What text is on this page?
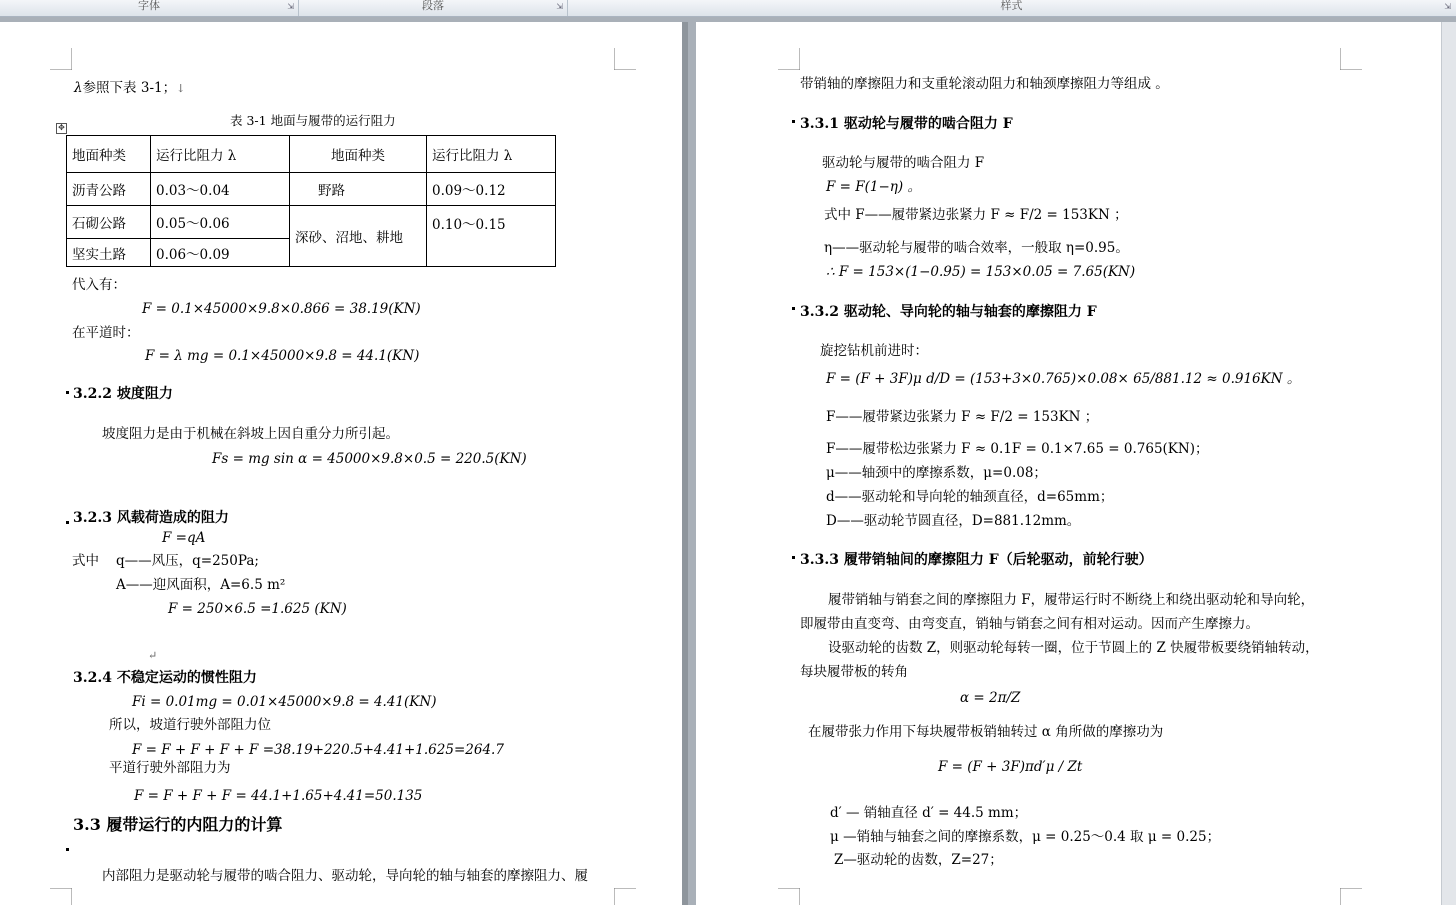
字体	⇲	段落	⇲	样式	⇲
λ参照下表 3-1；↓
表 3-1 地面与履带的运行阻力
✥
地面种类	运行比阻力 λ	地面种类	运行比阻力 λ
沥青公路	0.03～0.04	野路	0.09～0.12
石砌公路	0.05～0.06	深砂、沼地、耕地	0.10～0.15
坚实土路	0.06～0.09		
代入有：
F = 0.1×45000×9.8×0.866 = 38.19(KN)
在平道时：
F = λ mg = 0.1×45000×9.8 = 44.1(KN)
3.2.2 坡度阻力
坡度阻力是由于机械在斜坡上因自重分力所引起。
Fs = mg sin α = 45000×9.8×0.5 = 220.5(KN)
3.2.3 风载荷造成的阻力
F =qA
式中 q——风压，q=250Pa;
A——迎风面积，A=6.5 m²
F = 250×6.5 =1.625 (KN)
↵
3.2.4 不稳定运动的惯性阻力
Fi = 0.01mg = 0.01×45000×9.8 = 4.41(KN)
所以，坡道行驶外部阻力位
F = F + F + F + F =38.19+220.5+4.41+1.625=264.7
平道行驶外部阻力为
F = F + F + F = 44.1+1.65+4.41=50.135
3.3 履带运行的内阻力的计算
内部阻力是驱动轮与履带的啮合阻力、驱动轮，导向轮的轴与轴套的摩擦阻力、履
带销轴的摩擦阻力和支重轮滚动阻力和轴颈摩擦阻力等组成 。
3.3.1 驱动轮与履带的啮合阻力 F
驱动轮与履带的啮合阻力 F
F = F(1−η) 。
式中 F——履带紧边张紧力 F ≈ F/2 = 153KN ；
η——驱动轮与履带的啮合效率，一般取 η=0.95。
∴ F = 153×(1−0.95) = 153×0.05 = 7.65(KN)
3.3.2 驱动轮、导向轮的轴与轴套的摩擦阻力 F
旋挖钻机前进时：
F = (F + 3F)μ d/D = (153+3×0.765)×0.08× 65/881.12 ≈ 0.916KN 。
F——履带紧边张紧力 F ≈ F/2 = 153KN ；
F——履带松边张紧力 F ≈ 0.1F = 0.1×7.65 = 0.765(KN)；
μ——轴颈中的摩擦系数，μ=0.08；
d——驱动轮和导向轮的轴颈直径，d=65mm；
D——驱动轮节圆直径，D=881.12mm。
3.3.3 履带销轴间的摩擦阻力 F（后轮驱动，前轮行驶）
履带销轴与销套之间的摩擦阻力 F，履带运行时不断绕上和绕出驱动轮和导向轮，
即履带由直变弯、由弯变直，销轴与销套之间有相对运动。因而产生摩擦力。
设驱动轮的齿数 Z，则驱动轮每转一圈，位于节圆上的 Z 快履带板要绕销轴转动，
每块履带板的转角
α = 2π/Z
在履带张力作用下每块履带板销轴转过 α 角所做的摩擦功为
F = (F + 3F)πd′μ / Zt
d′ — 销轴直径 d′ = 44.5 mm；
μ —销轴与轴套之间的摩擦系数，μ = 0.25～0.4 取 μ = 0.25；
Z—驱动轮的齿数，Z=27；
